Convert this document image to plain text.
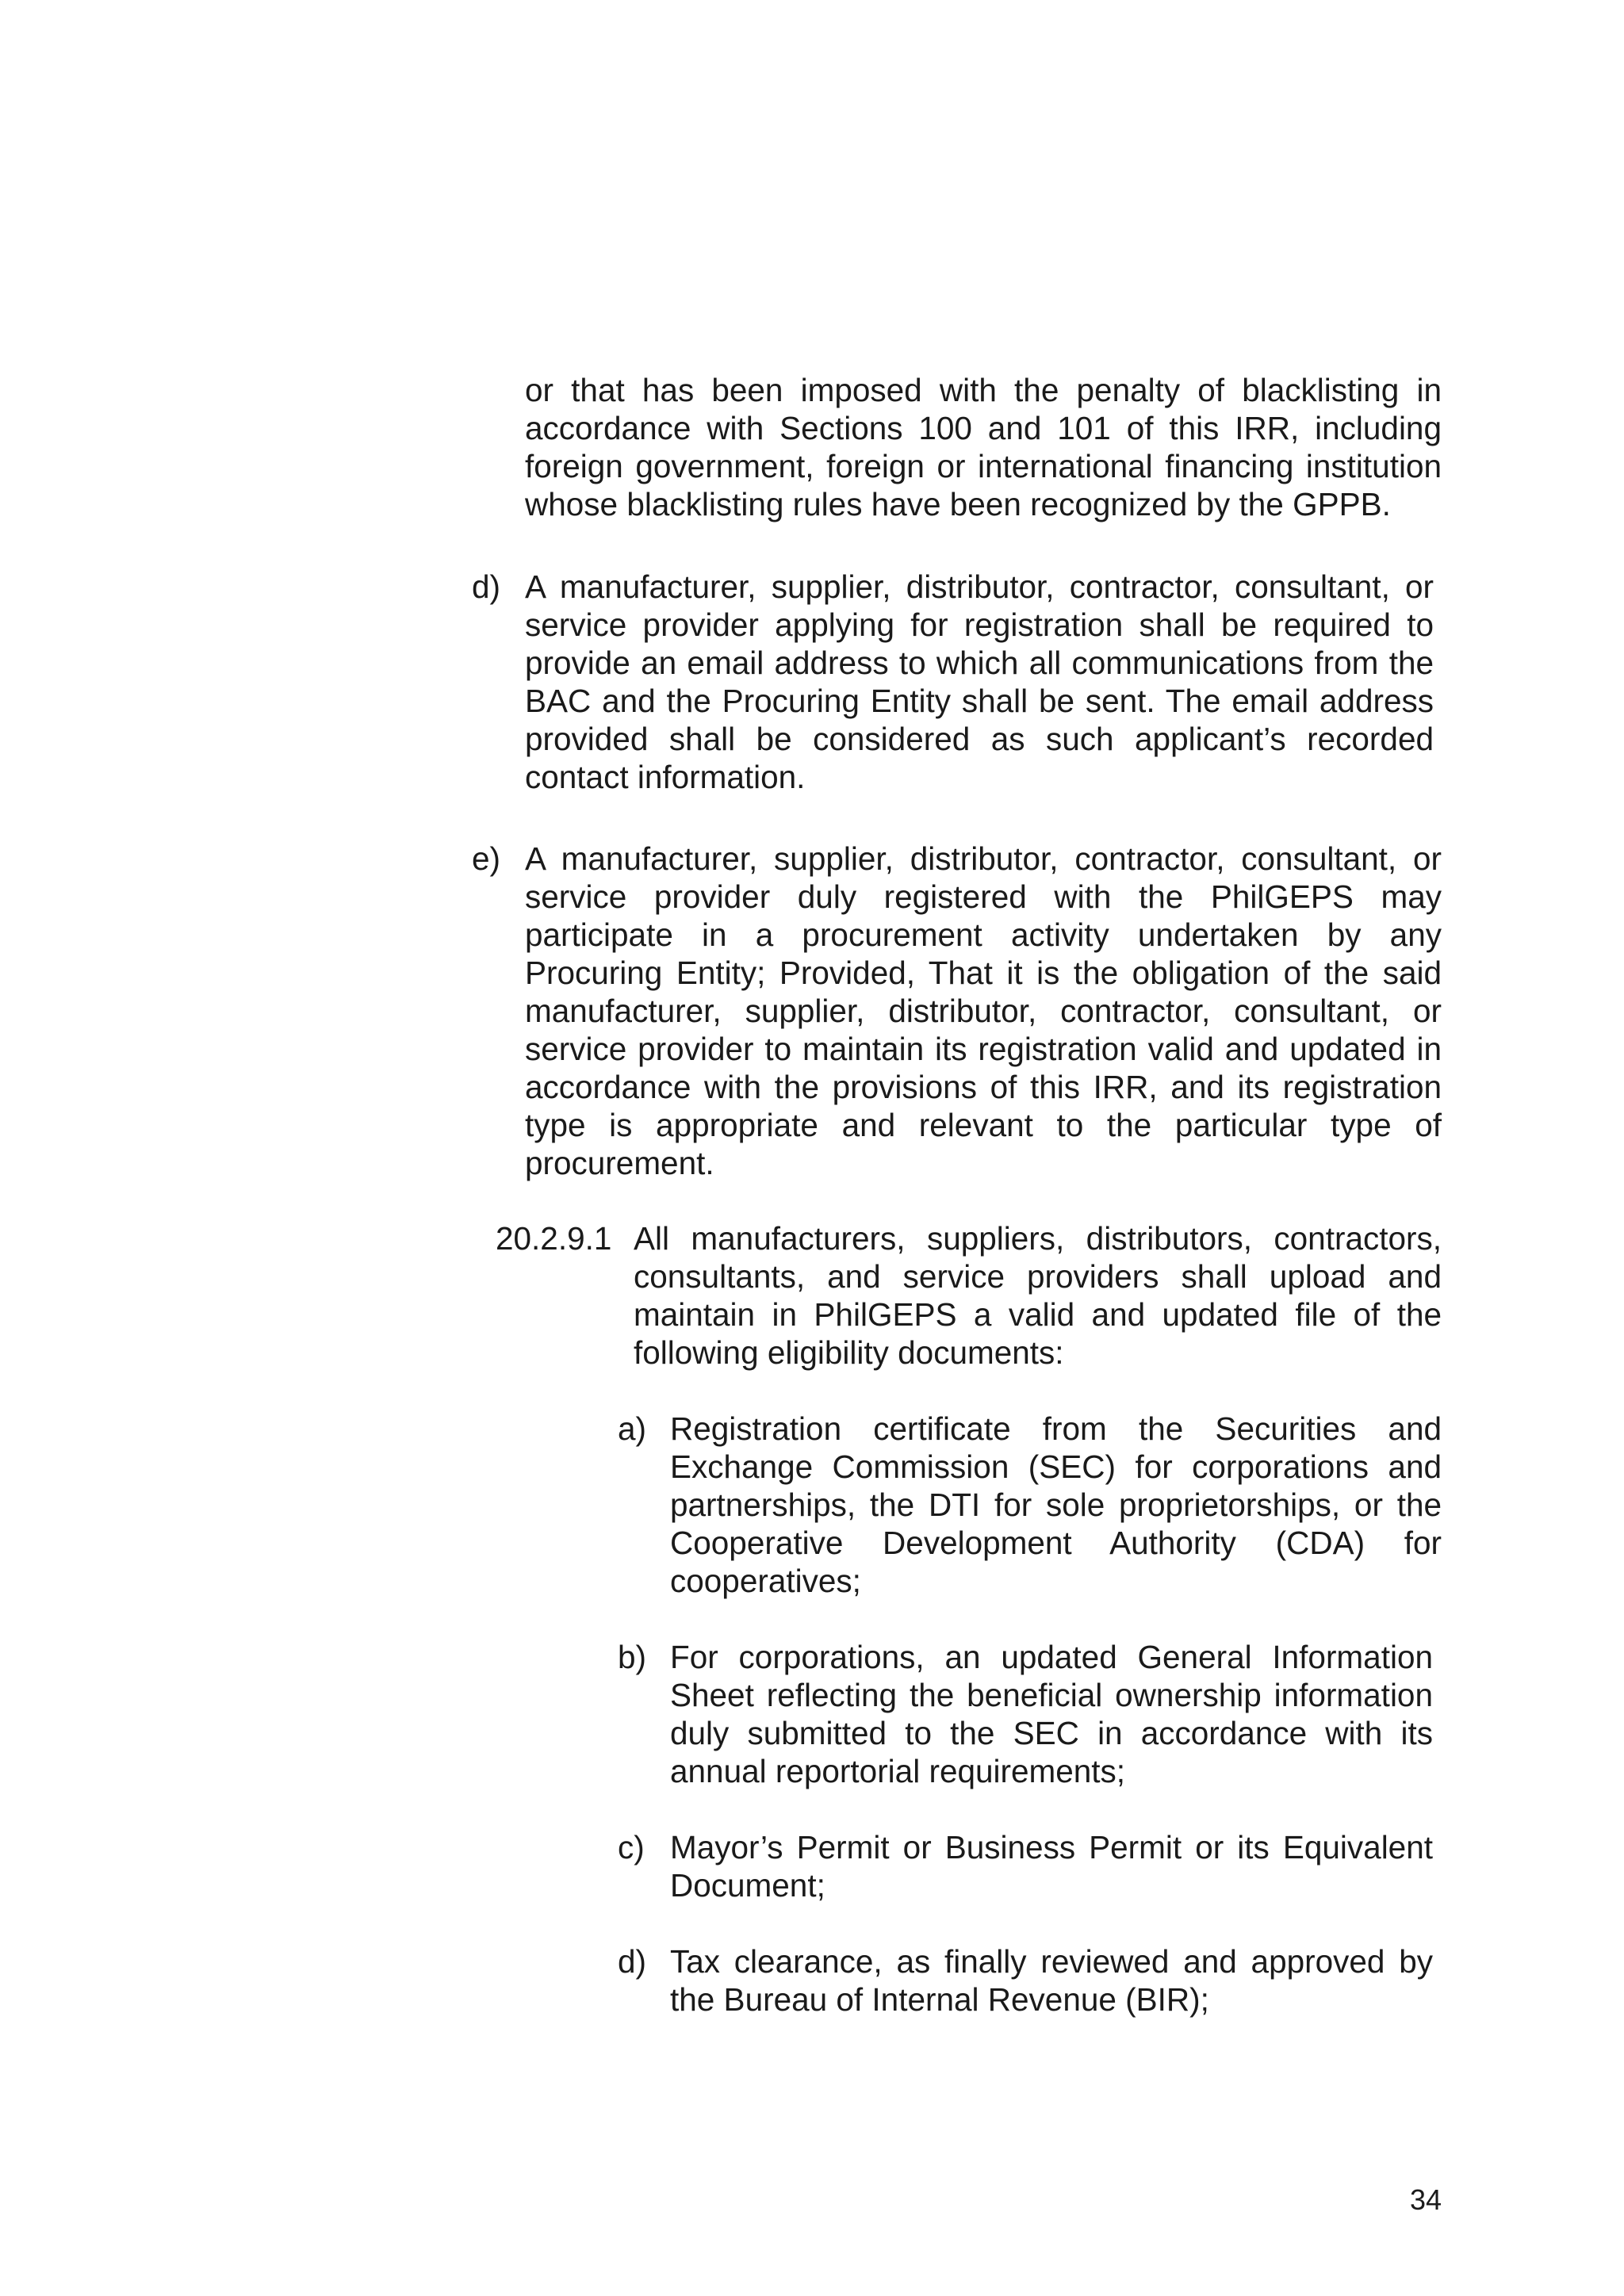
or that has been imposed with the penalty of blacklisting in accordance with Sections 100 and 101 of this IRR, including foreign government, foreign or international financing institution whose blacklisting rules have been recognized by the GPPB.
d) A manufacturer, supplier, distributor, contractor, consultant, or service provider applying for registration shall be required to provide an email address to which all communications from the BAC and the Procuring Entity shall be sent. The email address provided shall be considered as such applicant’s recorded contact information.
e) A manufacturer, supplier, distributor, contractor, consultant, or service provider duly registered with the PhilGEPS may participate in a procurement activity undertaken by any Procuring Entity; Provided, That it is the obligation of the said manufacturer, supplier, distributor, contractor, consultant, or service provider to maintain its registration valid and updated in accordance with the provisions of this IRR, and its registration type is appropriate and relevant to the particular type of procurement.
20.2.9.1 All manufacturers, suppliers, distributors, contractors, consultants, and service providers shall upload and maintain in PhilGEPS a valid and updated file of the following eligibility documents:
a) Registration certificate from the Securities and Exchange Commission (SEC) for corporations and partnerships, the DTI for sole proprietorships, or the Cooperative Development Authority (CDA) for cooperatives;
b) For corporations, an updated General Information Sheet reflecting the beneficial ownership information duly submitted to the SEC in accordance with its annual reportorial requirements;
c) Mayor’s Permit or Business Permit or its Equivalent Document;
d) Tax clearance, as finally reviewed and approved by the Bureau of Internal Revenue (BIR);
34
